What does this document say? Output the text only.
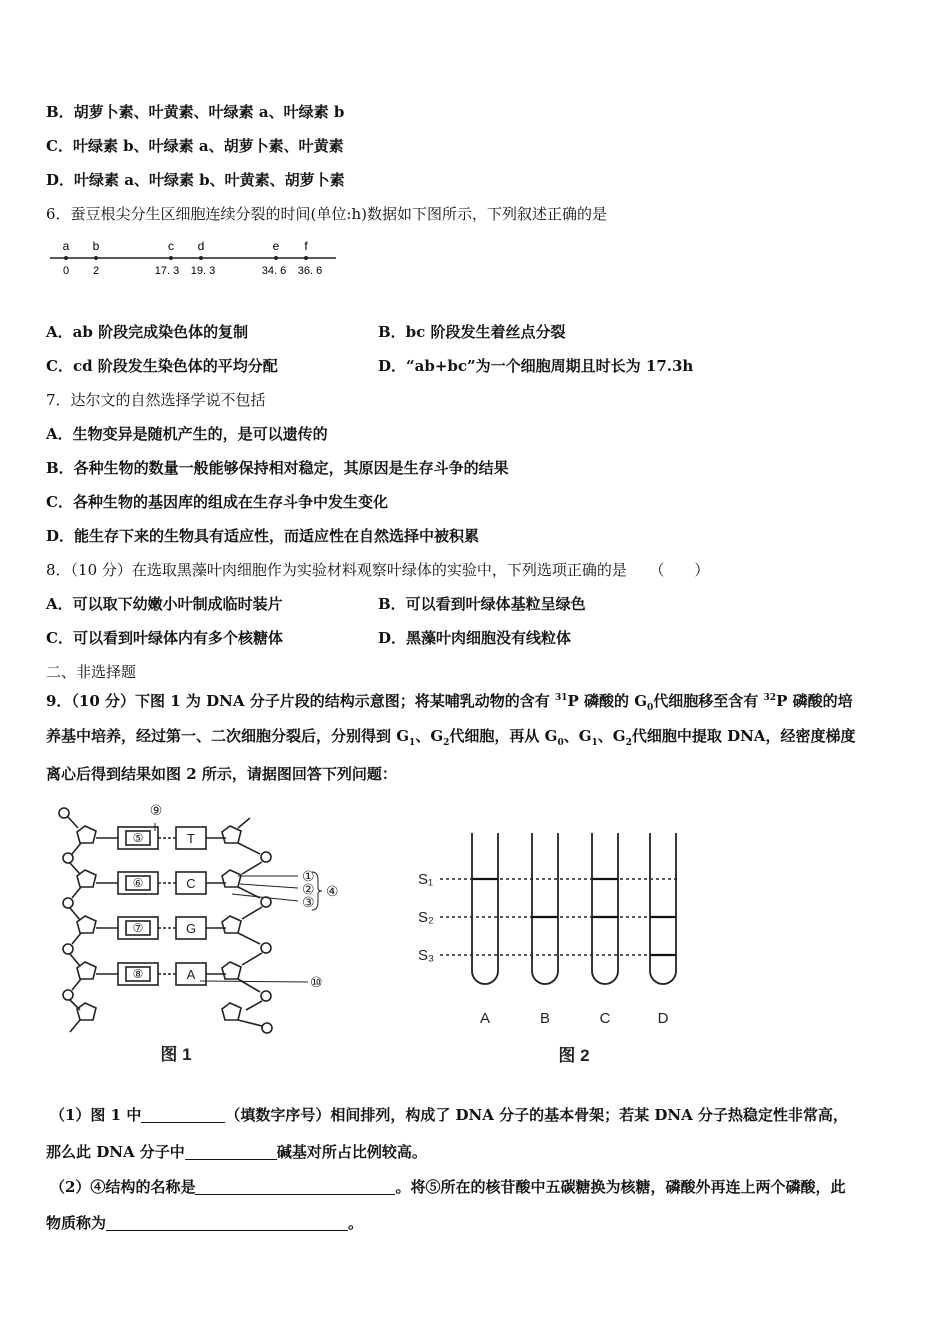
B．胡萝卜素、叶黄素、叶绿素 a、叶绿素 b
C．叶绿素 b、叶绿素 a、胡萝卜素、叶黄素
D．叶绿素 a、叶绿素 b、叶黄素、胡萝卜素
6．蚕豆根尖分生区细胞连续分裂的时间(单位:h)数据如下图所示，下列叙述正确的是
a
0
b
2
c
17. 3
d
19. 3
e
34. 6
f
36. 6
A．ab 阶段完成染色体的复制	B．bc 阶段发生着丝点分裂
C．cd 阶段发生染色体的平均分配	D．“ab+bc”为一个细胞周期且时长为 17.3h
7．达尔文的自然选择学说不包括
A．生物变异是随机产生的，是可以遗传的
B．各种生物的数量一般能够保持相对稳定，其原因是生存斗争的结果
C．各种生物的基因库的组成在生存斗争中发生变化
D．能生存下来的生物具有适应性，而适应性在自然选择中被积累
8．（10 分）在选取黑藻叶肉细胞作为实验材料观察叶绿体的实验中，下列选项正确的是　　（　　）
A．可以取下幼嫩小叶制成临时装片	B．可以看到叶绿体基粒呈绿色
C．可以看到叶绿体内有多个核糖体	D．黑藻叶肉细胞没有线粒体
二、非选择题
9．（10 分）下图 1 为 DNA 分子片段的结构示意图；将某哺乳动物的含有 $^{31}$P 磷酸的 $G_0$代细胞移至含有 $^{32}$P 磷酸的培
养基中培养，经过第一、二次细胞分裂后，分别得到 $G_1$、$G_2$代细胞，再从 $G_0$、$G_1$、$G_2$代细胞中提取 DNA，经密度梯度
离心后得到结果如图 2 所示，请据图回答下列问题：
⑤	T
⑥	C
⑦	G
⑧	A
⑨
①
②
③
④
⑩
图 1
S₁
S₂
S₃
A	B	C	D
图 2
（1）图 1 中	（填数字序号）相间排列，构成了 DNA 分子的基本骨架；若某 DNA 分子热稳定性非常高，
那么此 DNA 分子中	碱基对所占比例较高。
（2）④结构的名称是	。将⑤所在的核苷酸中五碳糖换为核糖，磷酸外再连上两个磷酸，此
物质称为	。
